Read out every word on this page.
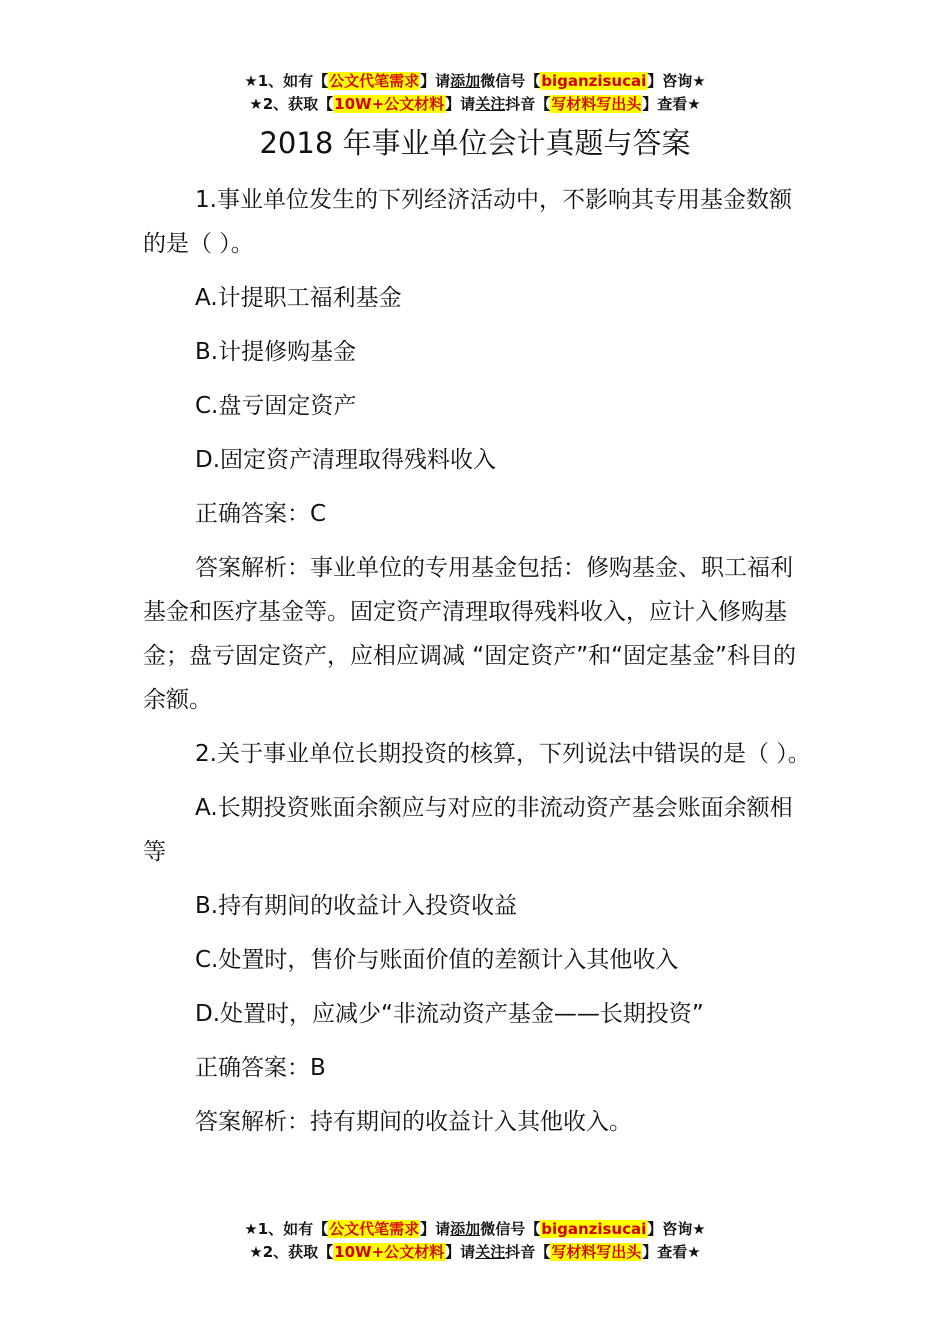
★1、如有【公文代笔需求】请添加微信号【biganzisucai】咨询★
★2、获取【10W+公文材料】请关注抖音【写材料写出头】查看★
2018 年事业单位会计真题与答案

1.事业单位发生的下列经济活动中，不影响其专用基金数额的是（ ）。

A.计提职工福利基金

B.计提修购基金

C.盘亏固定资产

D.固定资产清理取得残料收入

正确答案：C

答案解析：事业单位的专用基金包括：修购基金、职工福利基金和医疗基金等。固定资产清理取得残料收入，应计入修购基金；盘亏固定资产，应相应调减 “固定资产”和“固定基金”科目的余额。

2.关于事业单位长期投资的核算，下列说法中错误的是（ ）。

A.长期投资账面余额应与对应的非流动资产基会账面余额相等

B.持有期间的收益计入投资收益

C.处置时，售价与账面价值的差额计入其他收入

D.处置时，应减少“非流动资产基金——长期投资”

正确答案：B

答案解析：持有期间的收益计入其他收入。

★1、如有【公文代笔需求】请添加微信号【biganzisucai】咨询★
★2、获取【10W+公文材料】请关注抖音【写材料写出头】查看★
